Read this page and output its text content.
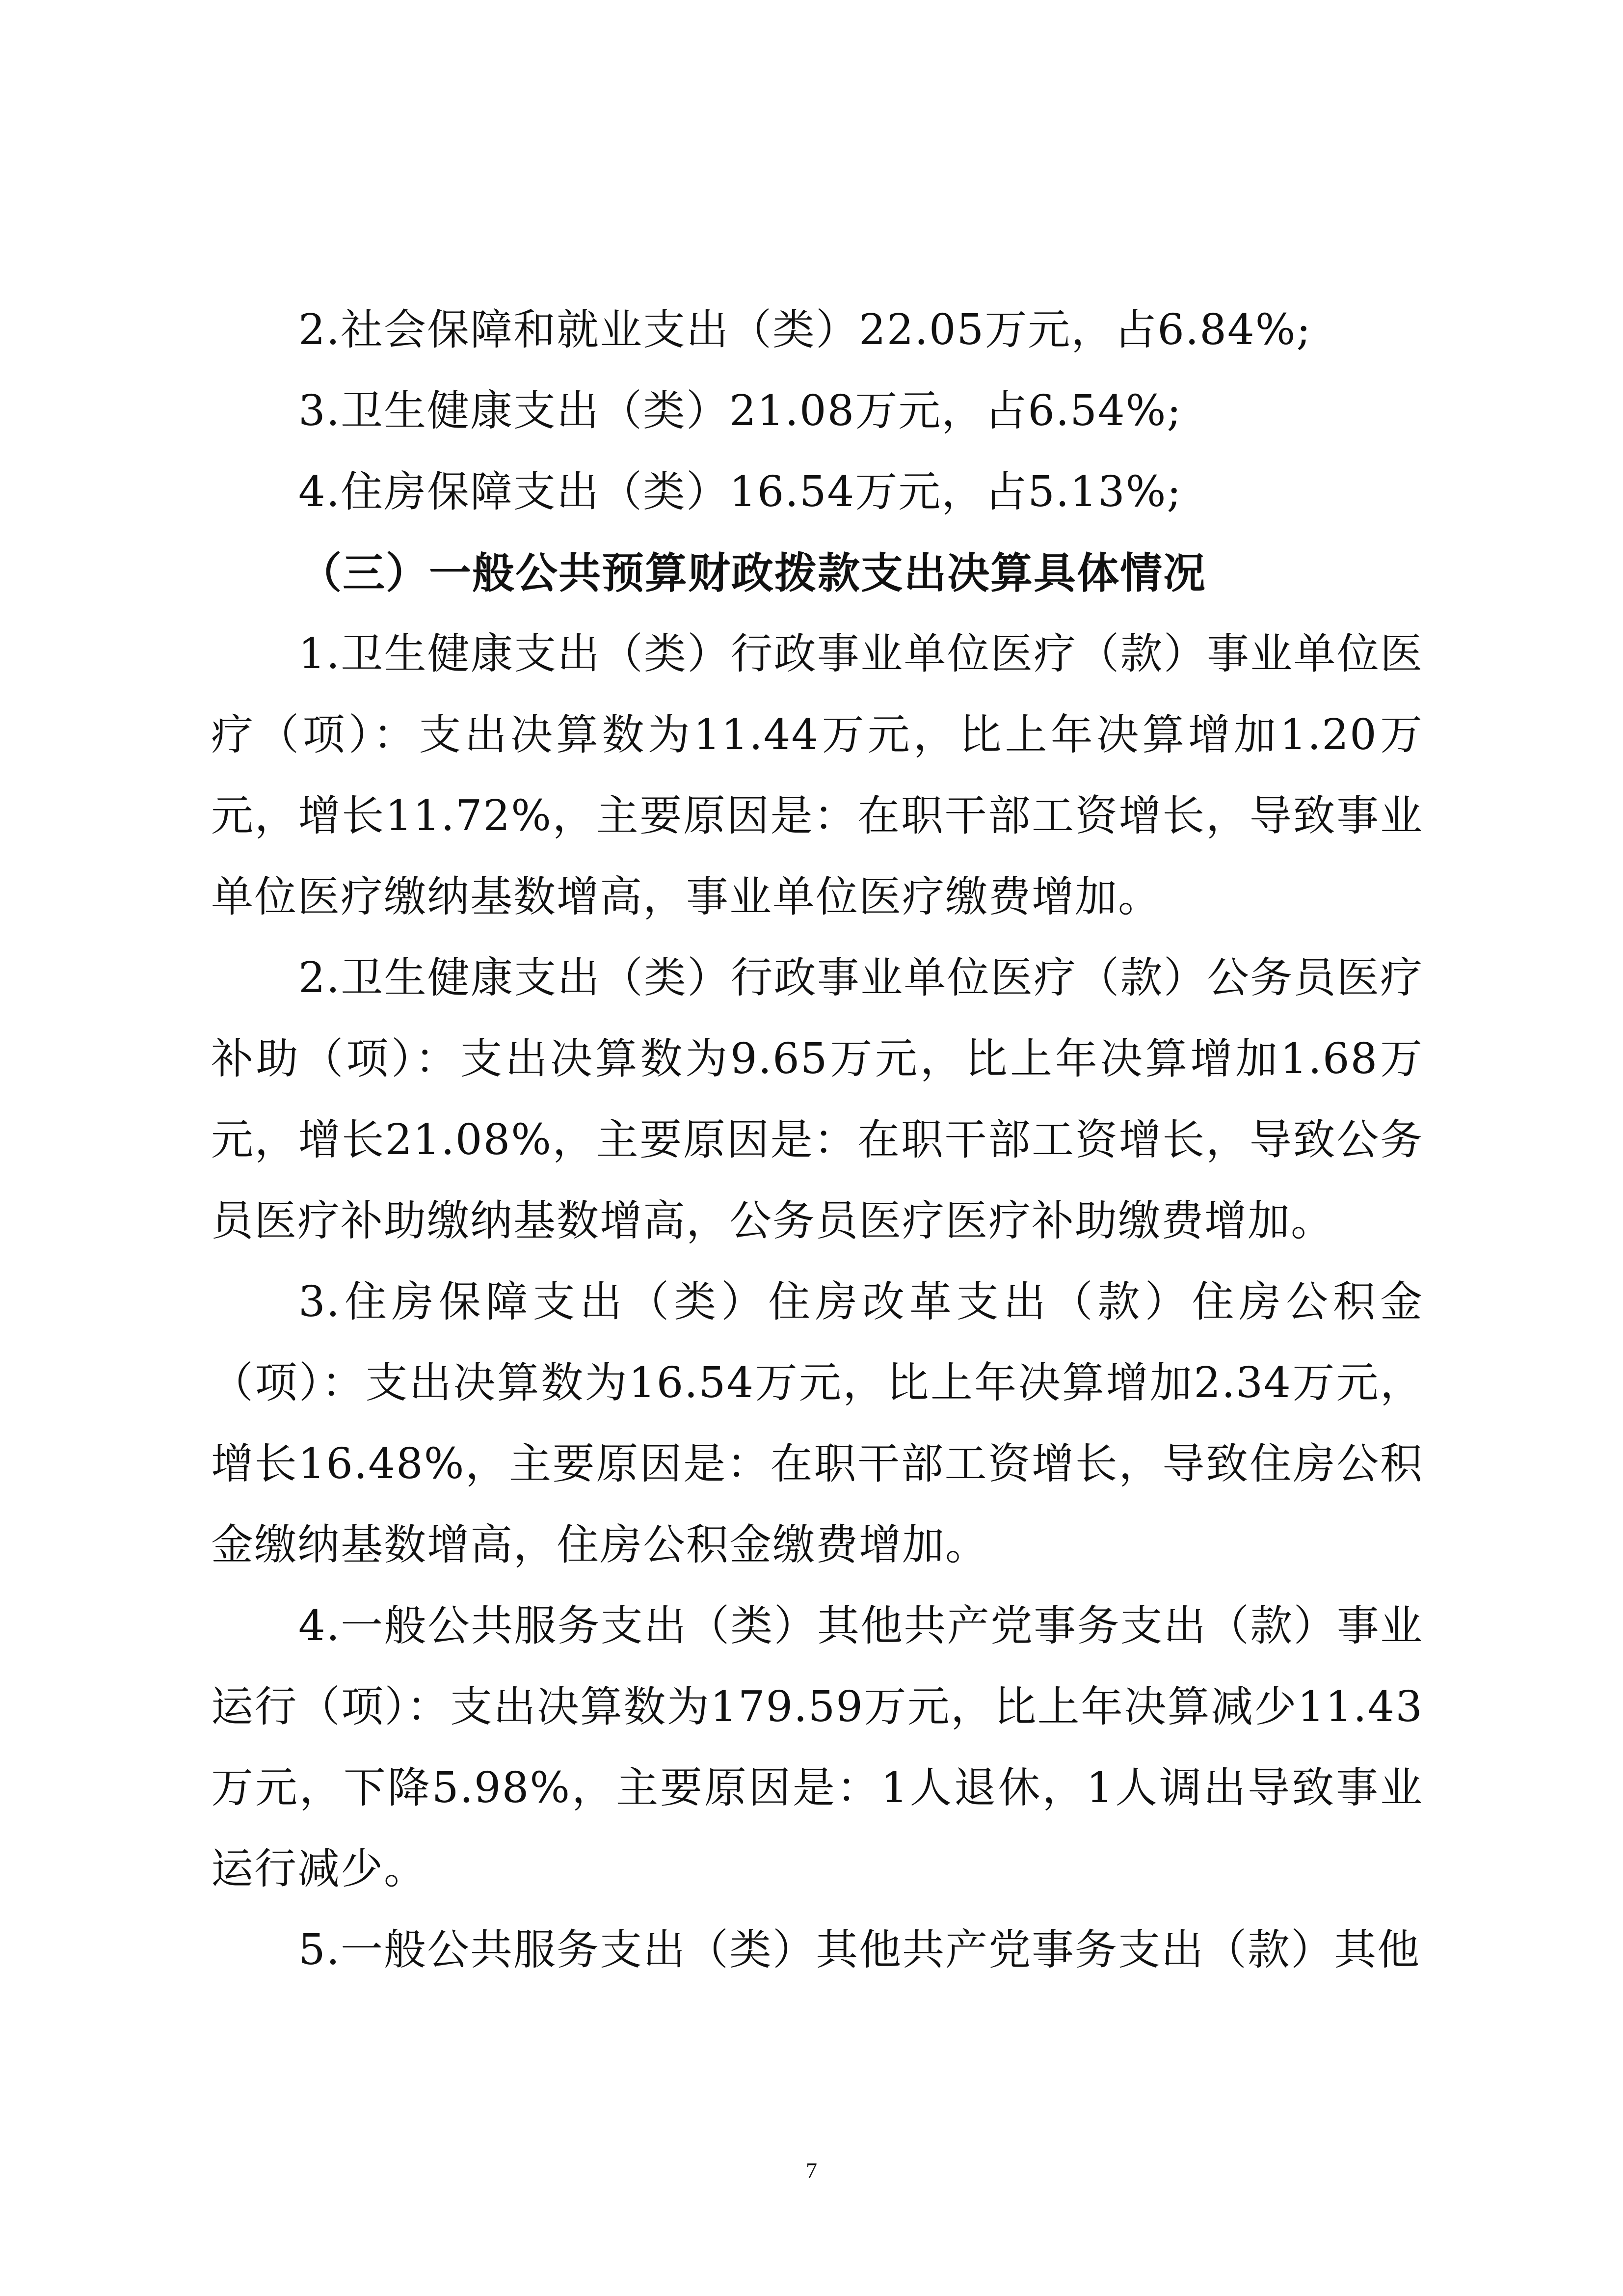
2.社会保障和就业支出（类）22.05万元，占6.84%;

3.卫生健康支出（类）21.08万元，占6.54%;

4.住房保障支出（类）16.54万元，占5.13%;

（三）一般公共预算财政拨款支出决算具体情况

1.卫生健康支出（类）行政事业单位医疗（款）事业单位医疗（项）：支出决算数为11.44万元，比上年决算增加1.20万元，增长11.72%，主要原因是：在职干部工资增长，导致事业单位医疗缴纳基数增高，事业单位医疗缴费增加。

2.卫生健康支出（类）行政事业单位医疗（款）公务员医疗补助（项）：支出决算数为9.65万元，比上年决算增加1.68万元，增长21.08%，主要原因是：在职干部工资增长，导致公务员医疗补助缴纳基数增高，公务员医疗医疗补助缴费增加。

3.住房保障支出（类）住房改革支出（款）住房公积金（项）：支出决算数为16.54万元，比上年决算增加2.34万元，增长16.48%，主要原因是：在职干部工资增长，导致住房公积金缴纳基数增高，住房公积金缴费增加。

4.一般公共服务支出（类）其他共产党事务支出（款）事业运行（项）：支出决算数为179.59万元，比上年决算减少11.43万元，下降5.98%，主要原因是：1人退休，1人调出导致事业运行减少。

5.一般公共服务支出（类）其他共产党事务支出（款）其他

7
